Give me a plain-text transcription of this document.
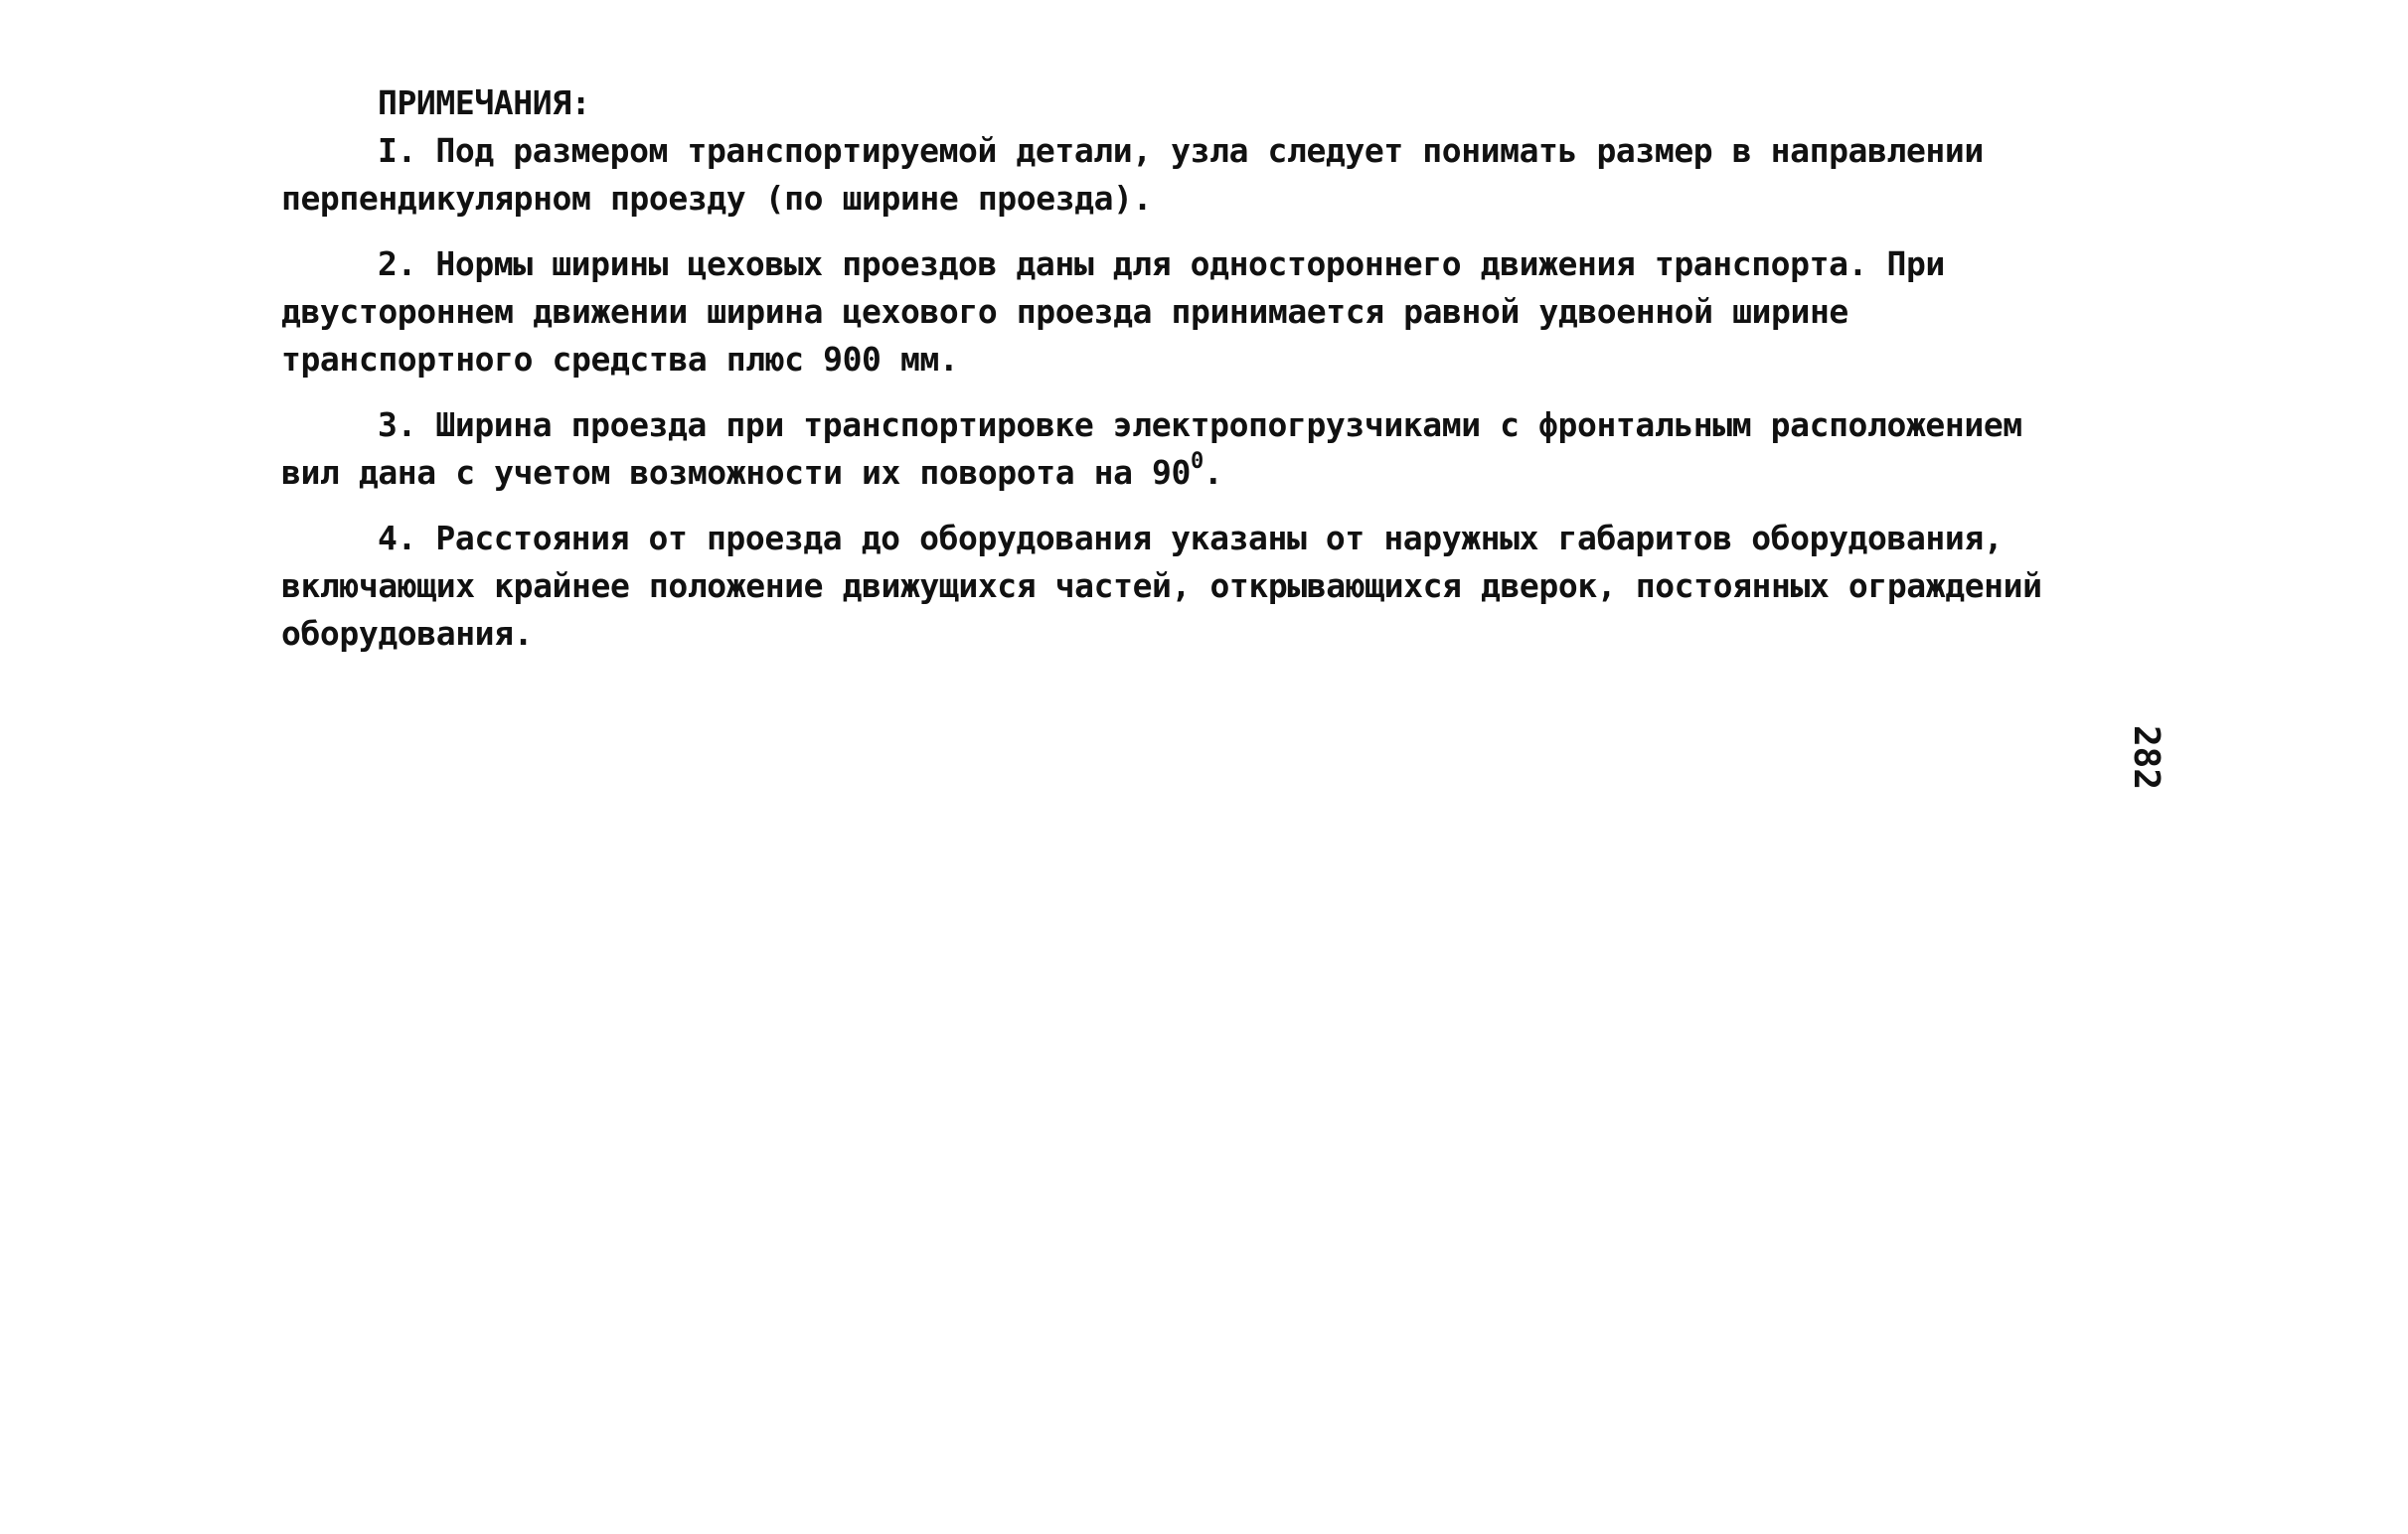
ПРИМЕЧАНИЯ:

I. Под размером транспортируемой детали, узла следует понимать размер в направлении перпендикулярном проезду (по ширине проезда).

2. Нормы ширины цеховых проездов даны для одностороннего движения транспорта. При двустороннем движении ширина цехового проезда принимается равной удвоенной ширине транспортного средства плюс 900 мм.

3. Ширина проезда при транспортировке электропогрузчиками с фронтальным расположением вил дана с учетом возможности их поворота на $90^0$.

4. Расстояния от проезда до оборудования указаны от наружных габаритов оборудования, включающих крайнее положение движущихся частей, открывающихся дверок, постоянных ограждений оборудования.

282
